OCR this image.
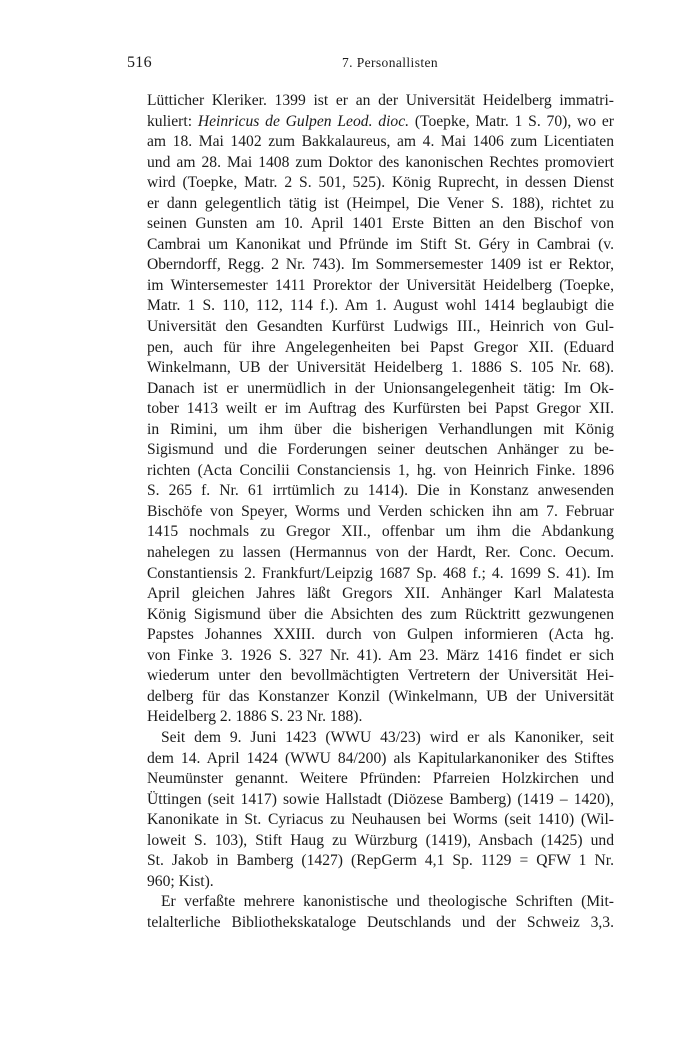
516	7. Personallisten
Lütticher Kleriker. 1399 ist er an der Universität Heidelberg immatri-
kuliert: Heinricus de Gulpen Leod. dioc. (Toepke, Matr. 1 S. 70), wo er
am 18. Mai 1402 zum Bakkalaureus, am 4. Mai 1406 zum Licentiaten
und am 28. Mai 1408 zum Doktor des kanonischen Rechtes promoviert
wird (Toepke, Matr. 2 S. 501, 525). König Ruprecht, in dessen Dienst
er dann gelegentlich tätig ist (Heimpel, Die Vener S. 188), richtet zu
seinen Gunsten am 10. April 1401 Erste Bitten an den Bischof von
Cambrai um Kanonikat und Pfründe im Stift St. Géry in Cambrai (v.
Oberndorff, Regg. 2 Nr. 743). Im Sommersemester 1409 ist er Rektor,
im Wintersemester 1411 Prorektor der Universität Heidelberg (Toepke,
Matr. 1 S. 110, 112, 114 f.). Am 1. August wohl 1414 beglaubigt die
Universität den Gesandten Kurfürst Ludwigs III., Heinrich von Gul-
pen, auch für ihre Angelegenheiten bei Papst Gregor XII. (Eduard
Winkelmann, UB der Universität Heidelberg 1. 1886 S. 105 Nr. 68).
Danach ist er unermüdlich in der Unionsangelegenheit tätig: Im Ok-
tober 1413 weilt er im Auftrag des Kurfürsten bei Papst Gregor XII.
in Rimini, um ihm über die bisherigen Verhandlungen mit König
Sigismund und die Forderungen seiner deutschen Anhänger zu be-
richten (Acta Concilii Constanciensis 1, hg. von Heinrich Finke. 1896
S. 265 f. Nr. 61 irrtümlich zu 1414). Die in Konstanz anwesenden
Bischöfe von Speyer, Worms und Verden schicken ihn am 7. Februar
1415 nochmals zu Gregor XII., offenbar um ihm die Abdankung
nahelegen zu lassen (Hermannus von der Hardt, Rer. Conc. Oecum.
Constantiensis 2. Frankfurt/Leipzig 1687 Sp. 468 f.; 4. 1699 S. 41). Im
April gleichen Jahres läßt Gregors XII. Anhänger Karl Malatesta
König Sigismund über die Absichten des zum Rücktritt gezwungenen
Papstes Johannes XXIII. durch von Gulpen informieren (Acta hg.
von Finke 3. 1926 S. 327 Nr. 41). Am 23. März 1416 findet er sich
wiederum unter den bevollmächtigten Vertretern der Universität Hei-
delberg für das Konstanzer Konzil (Winkelmann, UB der Universität
Heidelberg 2. 1886 S. 23 Nr. 188).
Seit dem 9. Juni 1423 (WWU 43/23) wird er als Kanoniker, seit
dem 14. April 1424 (WWU 84/200) als Kapitularkanoniker des Stiftes
Neumünster genannt. Weitere Pfründen: Pfarreien Holzkirchen und
Üttingen (seit 1417) sowie Hallstadt (Diözese Bamberg) (1419 – 1420),
Kanonikate in St. Cyriacus zu Neuhausen bei Worms (seit 1410) (Wil-
loweit S. 103), Stift Haug zu Würzburg (1419), Ansbach (1425) und
St. Jakob in Bamberg (1427) (RepGerm 4,1 Sp. 1129 = QFW 1 Nr.
960; Kist).
Er verfaßte mehrere kanonistische und theologische Schriften (Mit-
telalterliche Bibliothekskataloge Deutschlands und der Schweiz 3,3.
